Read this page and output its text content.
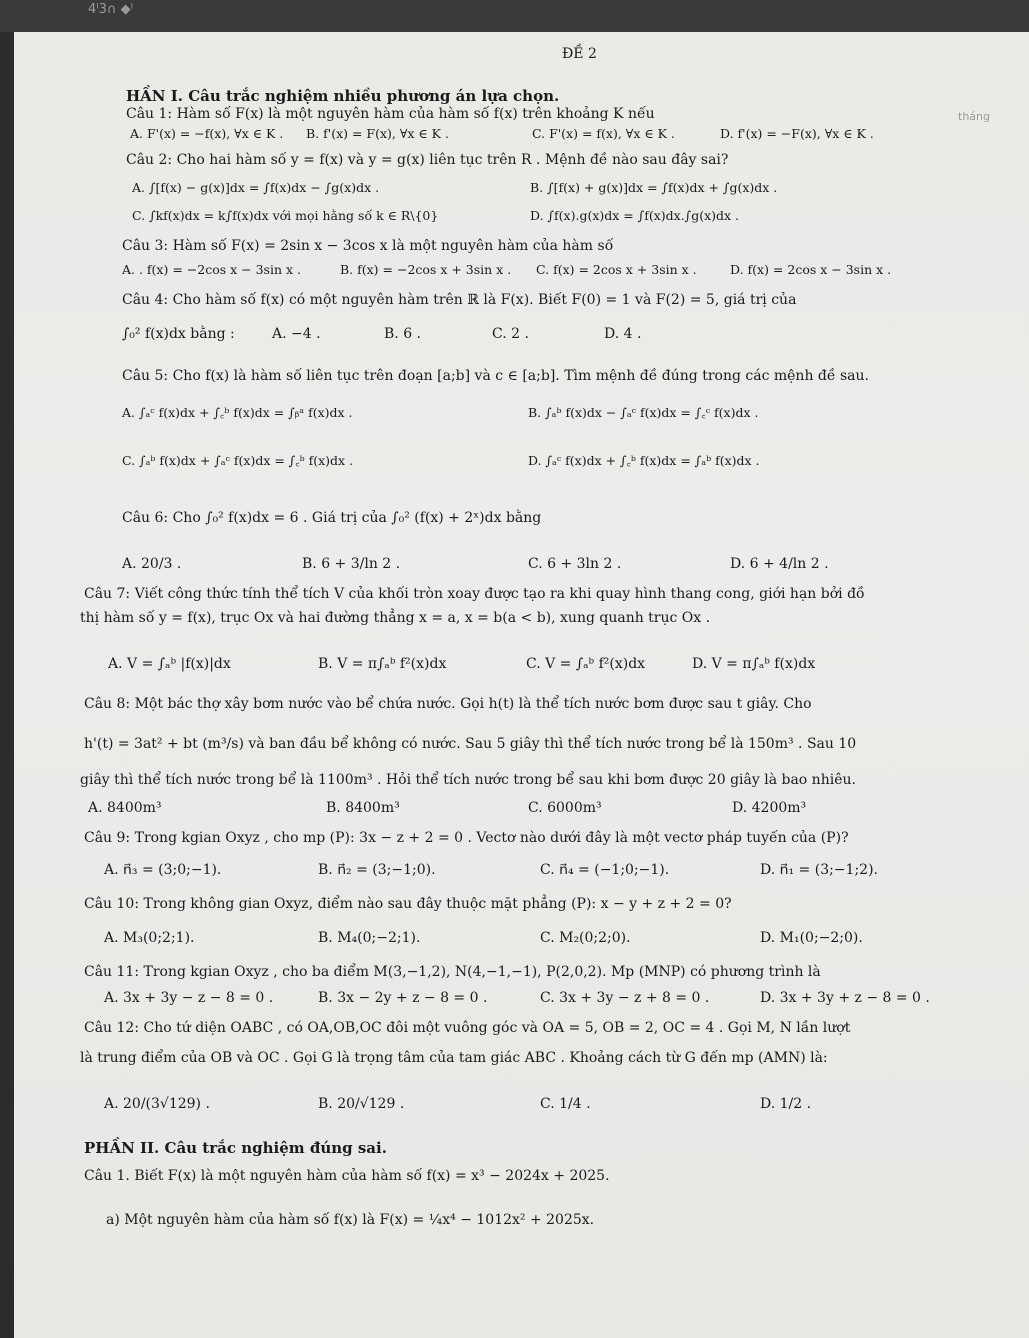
4ᴵ3∩ ◆ᴵ
ĐỀ 2
HẦN I. Câu trắc nghiệm nhiều phương án lựa chọn.
tháng
Câu 1: Hàm số F(x) là một nguyên hàm của hàm số f(x) trên khoảng K nếu
A. F'(x) = −f(x), ∀x ∈ K . B. f'(x) = F(x), ∀x ∈ K .	C. F'(x) = f(x), ∀x ∈ K .	D. f'(x) = −F(x), ∀x ∈ K .
Câu 2: Cho hai hàm số y = f(x) và y = g(x) liên tục trên R . Mệnh đề nào sau đây sai?
A. ∫[f(x) − g(x)]dx = ∫f(x)dx − ∫g(x)dx .	B. ∫[f(x) + g(x)]dx = ∫f(x)dx + ∫g(x)dx .
C. ∫kf(x)dx = k∫f(x)dx với mọi hằng số k ∈ R\{0}	D. ∫f(x).g(x)dx = ∫f(x)dx.∫g(x)dx .
Câu 3: Hàm số F(x) = 2sin x − 3cos x là một nguyên hàm của hàm số
A. . f(x) = −2cos x − 3sin x .	B. f(x) = −2cos x + 3sin x . C. f(x) = 2cos x + 3sin x .	D. f(x) = 2cos x − 3sin x .
Câu 4: Cho hàm số f(x) có một nguyên hàm trên ℝ là F(x). Biết F(0) = 1 và F(2) = 5, giá trị của
∫₀² f(x)dx bằng :	A. −4 .	B. 6 .	C. 2 .	D. 4 .
Câu 5: Cho f(x) là hàm số liên tục trên đoạn [a;b] và c ∈ [a;b]. Tìm mệnh đề đúng trong các mệnh đề sau.
A. ∫ₐᶜ f(x)dx + ∫꜀ᵇ f(x)dx = ∫ᵦᵃ f(x)dx .	B. ∫ₐᵇ f(x)dx − ∫ₐᶜ f(x)dx = ∫꜀ᶜ f(x)dx .
C. ∫ₐᵇ f(x)dx + ∫ₐᶜ f(x)dx = ∫꜀ᵇ f(x)dx .	D. ∫ₐᶜ f(x)dx + ∫꜀ᵇ f(x)dx = ∫ₐᵇ f(x)dx .
Câu 6: Cho ∫₀² f(x)dx = 6 . Giá trị của ∫₀² (f(x) + 2ˣ)dx bằng
A. 20/3 .	B. 6 + 3/ln 2 .	C. 6 + 3ln 2 .	D. 6 + 4/ln 2 .
Câu 7: Viết công thức tính thể tích V của khối tròn xoay được tạo ra khi quay hình thang cong, giới hạn bởi đồ
thị hàm số y = f(x), trục Ox và hai đường thẳng x = a, x = b(a < b), xung quanh trục Ox .
A. V = ∫ₐᵇ |f(x)|dx	B. V = π∫ₐᵇ f²(x)dx	C. V = ∫ₐᵇ f²(x)dx	D. V = π∫ₐᵇ f(x)dx
Câu 8: Một bác thợ xây bơm nước vào bể chứa nước. Gọi h(t) là thể tích nước bơm được sau t giây. Cho
h'(t) = 3at² + bt (m³/s) và ban đầu bể không có nước. Sau 5 giây thì thể tích nước trong bể là 150m³ . Sau 10
giây thì thể tích nước trong bể là 1100m³ . Hỏi thể tích nước trong bể sau khi bơm được 20 giây là bao nhiêu.
A. 8400m³	B. 8400m³	C. 6000m³	D. 4200m³
Câu 9: Trong kgian Oxyz , cho mp (P): 3x − z + 2 = 0 . Vectơ nào dưới đây là một vectơ pháp tuyến của (P)?
A. n⃗₃ = (3;0;−1).	B. n⃗₂ = (3;−1;0).	C. n⃗₄ = (−1;0;−1).	D. n⃗₁ = (3;−1;2).
Câu 10: Trong không gian Oxyz, điểm nào sau đây thuộc mặt phẳng (P): x − y + z + 2 = 0?
A. M₃(0;2;1).	B. M₄(0;−2;1).	C. M₂(0;2;0).	D. M₁(0;−2;0).
Câu 11: Trong kgian Oxyz , cho ba điểm M(3,−1,2), N(4,−1,−1), P(2,0,2). Mp (MNP) có phương trình là
A. 3x + 3y − z − 8 = 0 .	B. 3x − 2y + z − 8 = 0 .	C. 3x + 3y − z + 8 = 0 .	D. 3x + 3y + z − 8 = 0 .
Câu 12: Cho tứ diện OABC , có OA,OB,OC đôi một vuông góc và OA = 5, OB = 2, OC = 4 . Gọi M, N lần lượt
là trung điểm của OB và OC . Gọi G là trọng tâm của tam giác ABC . Khoảng cách từ G đến mp (AMN) là:
A. 20/(3√129) .	B. 20/√129 .	C. 1/4 .	D. 1/2 .
PHẦN II. Câu trắc nghiệm đúng sai.
Câu 1. Biết F(x) là một nguyên hàm của hàm số f(x) = x³ − 2024x + 2025.
a) Một nguyên hàm của hàm số f(x) là F(x) = ¼x⁴ − 1012x² + 2025x.
